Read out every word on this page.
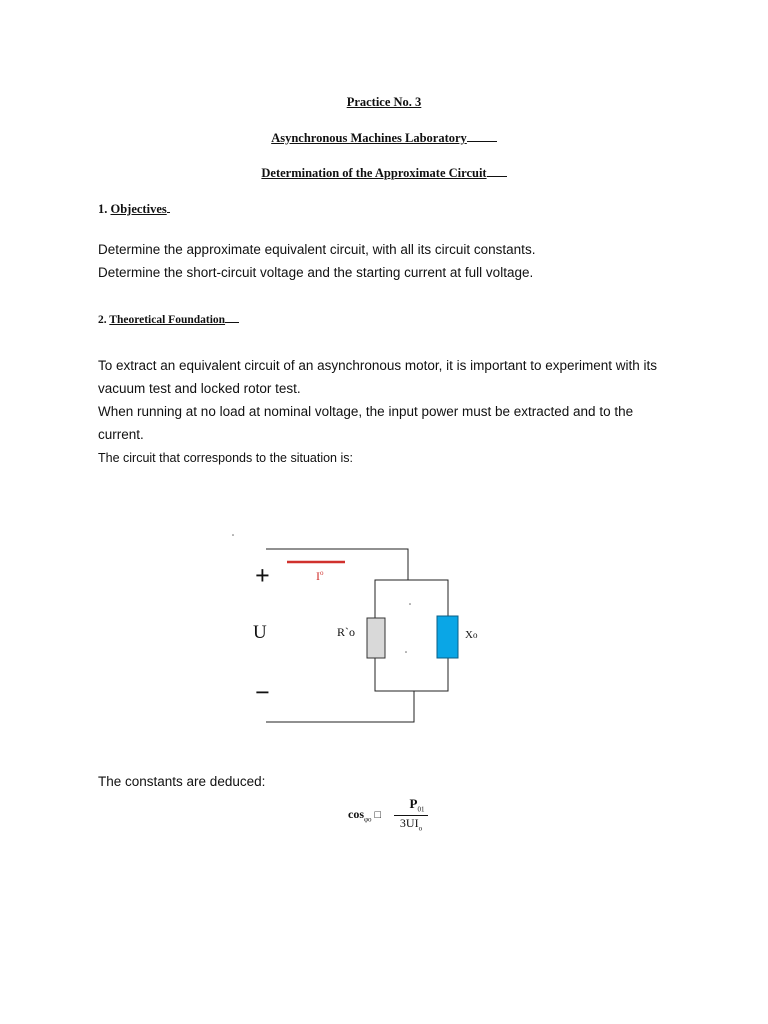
Practice No. 3
Asynchronous Machines Laboratory
Determination of the Approximate Circuit
1. Objectives
Determine the approximate equivalent circuit, with all its circuit constants.
Determine the short-circuit voltage and the starting current at full voltage.
2. Theoretical Foundation
To extract an equivalent circuit of an asynchronous motor, it is important to experiment with its
vacuum test and locked rotor test.
When running at no load at nominal voltage, the input power must be extracted and to the
current.
The circuit that corresponds to the situation is:
$I^o$
+
U
−
R`o	Xo
The constants are deduced:
$\cos_{\varphi o}$ □
$P_{01}$
$3UI_o$
